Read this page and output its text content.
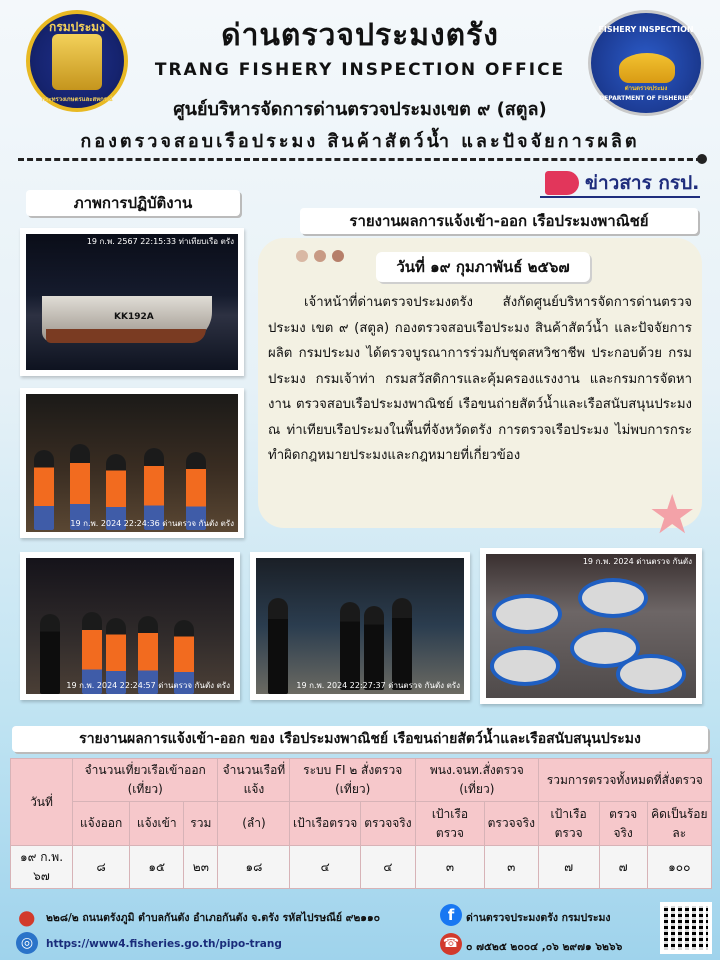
กรมประมง
กระทรวงเกษตรและสหกรณ์
FISHERY INSPECTION
ด่านตรวจประมง
DEPARTMENT OF FISHERIES
ด่านตรวจประมงตรัง
TRANG FISHERY INSPECTION OFFICE
ศูนย์บริหารจัดการด่านตรวจประมงเขต ๙ (สตูล)
กองตรวจสอบเรือประมง สินค้าสัตว์น้ำ และปัจจัยการผลิต
ข่าวสาร กรป.
ภาพการปฏิบัติงาน
รายงานผลการแจ้งเข้า-ออก เรือประมงพาณิชย์
KK192A
19 ก.พ. 2567 22:15:33 ท่าเทียบเรือ ตรัง
19 ก.พ. 2024 22:24:36 ด่านตรวจ กันตัง ตรัง
19 ก.พ. 2024 22:24:57 ด่านตรวจ กันตัง ตรัง	19 ก.พ. 2024 22:27:37 ด่านตรวจ กันตัง ตรัง
19 ก.พ. 2024 ด่านตรวจ กันตัง
วันที่ ๑๙ กุมภาพันธ์ ๒๕๖๗
เจ้าหน้าที่ด่านตรวจประมงตรัง สังกัดศูนย์บริหารจัดการด่านตรวจประมง เขต ๙ (สตูล) กองตรวจสอบเรือประมง สินค้าสัตว์น้ำ และปัจจัยการผลิต กรมประมง ได้ตรวจบูรณาการร่วมกับชุดสหวิชาชีพ ประกอบด้วย กรมประมง กรมเจ้าท่า กรมสวัสดิการและคุ้มครองแรงงาน และกรมการจัดหางาน ตรวจสอบเรือประมงพาณิชย์ เรือขนถ่ายสัตว์น้ำและเรือสนับสนุนประมง ณ ท่าเทียบเรือประมงในพื้นที่จังหวัดตรัง การตรวจเรือประมง ไม่พบการกระทำผิดกฎหมายประมงและกฎหมายที่เกี่ยวข้อง
★
รายงานผลการแจ้งเข้า-ออก ของ เรือประมงพาณิชย์ เรือขนถ่ายสัตว์น้ำและเรือสนับสนุนประมง
วันที่	จำนวนเที่ยวเรือเข้าออก (เที่ยว)			จำนวนเรือที่แจ้ง	ระบบ FI ๒ สั่งตรวจ (เที่ยว)		พนง.จนท.สั่งตรวจ (เที่ยว)		รวมการตรวจทั้งหมดที่สั่งตรวจ		
	แจ้งออก	แจ้งเข้า	รวม	(ลำ)	เป้าเรือตรวจ	ตรวจจริง	เป้าเรือตรวจ	ตรวจจริง	เป้าเรือตรวจ	ตรวจจริง	คิดเป็นร้อยละ
๑๙ ก.พ. ๖๗	๘	๑๕	๒๓	๑๘	๔	๔	๓	๓	๗	๗	๑๐๐
● ๒๒๘/๒ ถนนตรังภูมิ ตำบลกันตัง อำเภอกันตัง จ.ตรัง รหัสไปรษณีย์ ๙๒๑๑๐
◎	https://www4.fisheries.go.th/pipo-trang
f	ด่านตรวจประมงตรัง กรมประมง
☎ ๐ ๗๕๒๕ ๒๐๐๔ ,๐๖ ๒๙๗๑ ๖๒๖๖
